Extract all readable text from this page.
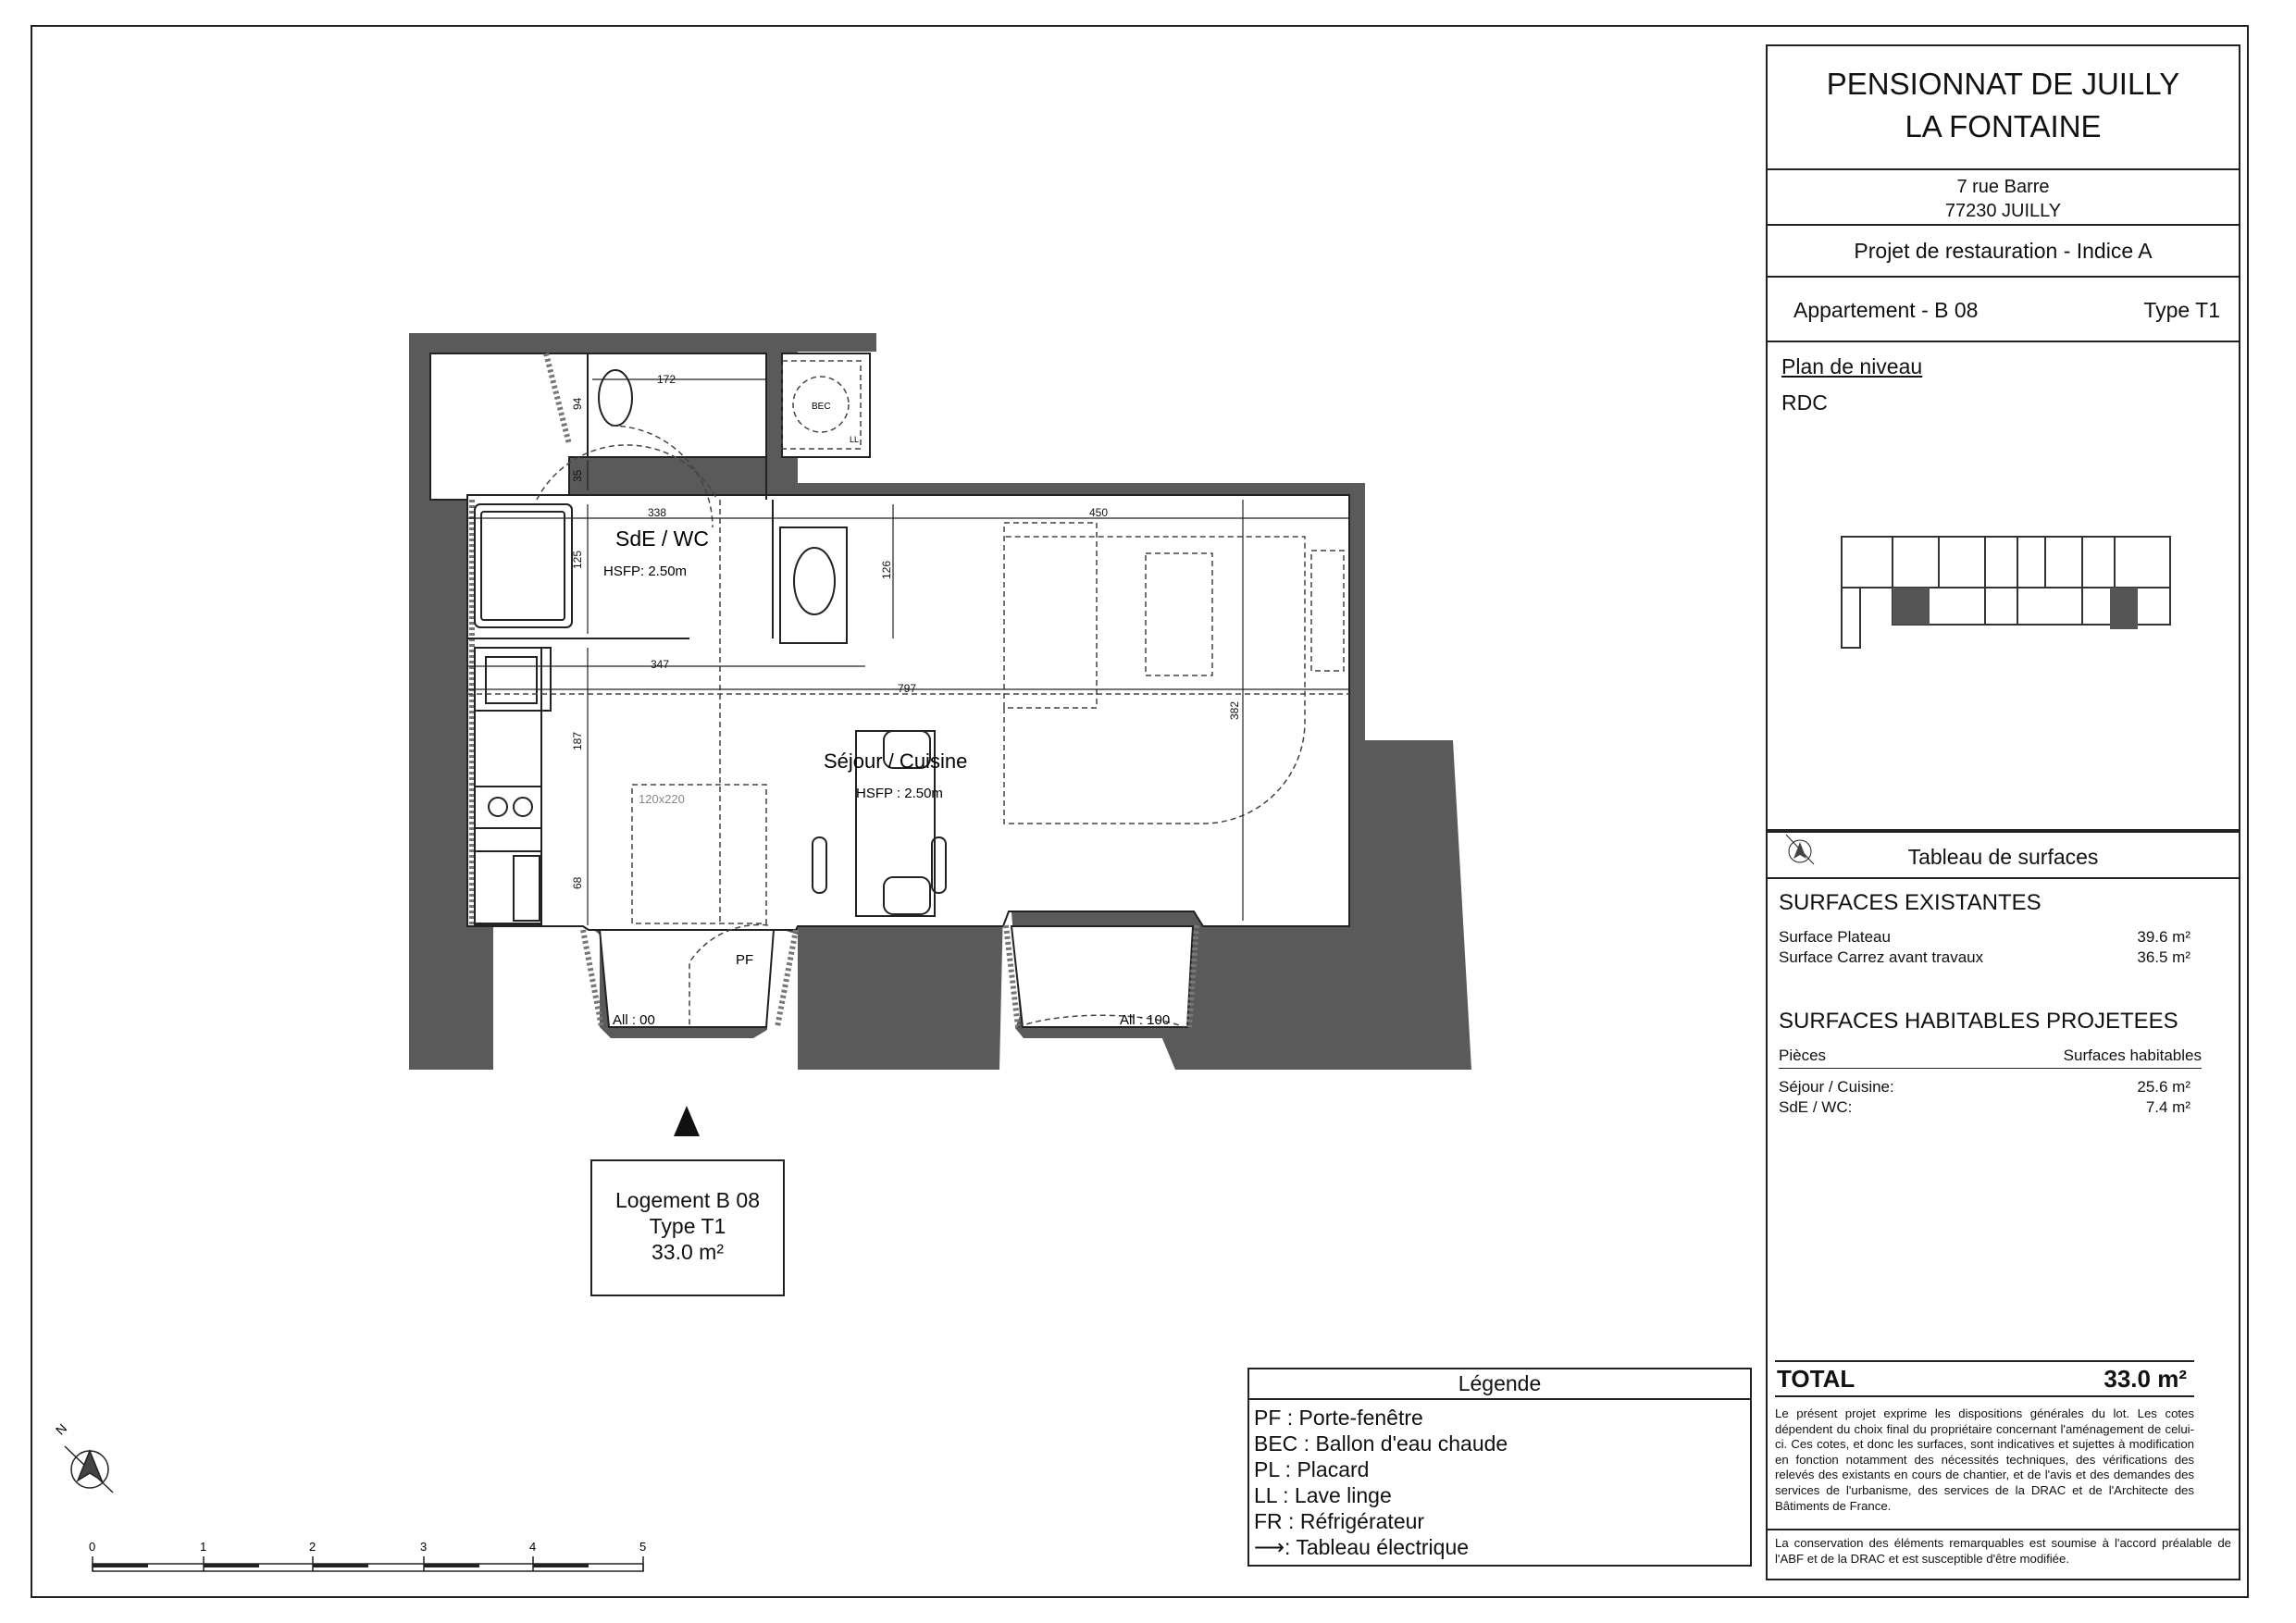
172
94
35
338	450
125
126
347
797
382
187
68
SdE / WC
HSFP: 2.50m
Séjour / Cuisine
HSFP : 2.50m
BEC
LL
PF
120x220
All : 00	All : 100
N
0	1	2	3	4	5
Logement B 08
Type T1
33.0 m²
Légende
PF : Porte-fenêtre
BEC : Ballon d'eau chaude
PL : Placard
LL : Lave linge
FR : Réfrigérateur
⟶: Tableau électrique
PENSIONNAT DE JUILLY
LA FONTAINE
7 rue Barre
77230 JUILLY
Projet de restauration - Indice A
Appartement - B 08	Type T1
Plan de niveau
RDC
Tableau de surfaces
SURFACES EXISTANTES
Surface Plateau	39.6 m²
Surface Carrez avant travaux	36.5 m²
SURFACES HABITABLES PROJETEES
Pièces	Surfaces habitables
Séjour / Cuisine:	25.6 m²
SdE / WC:	7.4 m²
TOTAL	33.0 m²
Le présent projet exprime les dispositions générales du lot. Les cotes dépendent du choix final du propriétaire concernant l'aménagement de celui-ci. Ces cotes, et donc les surfaces, sont indicatives et sujettes à modification en fonction notamment des nécessités techniques, des vérifications des relevés des existants en cours de chantier, et de l'avis et des demandes des services de l'urbanisme, des services de la DRAC et de l'Architecte des Bâtiments de France.
La conservation des éléments remarquables est soumise à l'accord préalable de l'ABF et de la DRAC et est susceptible d'être modifiée.
